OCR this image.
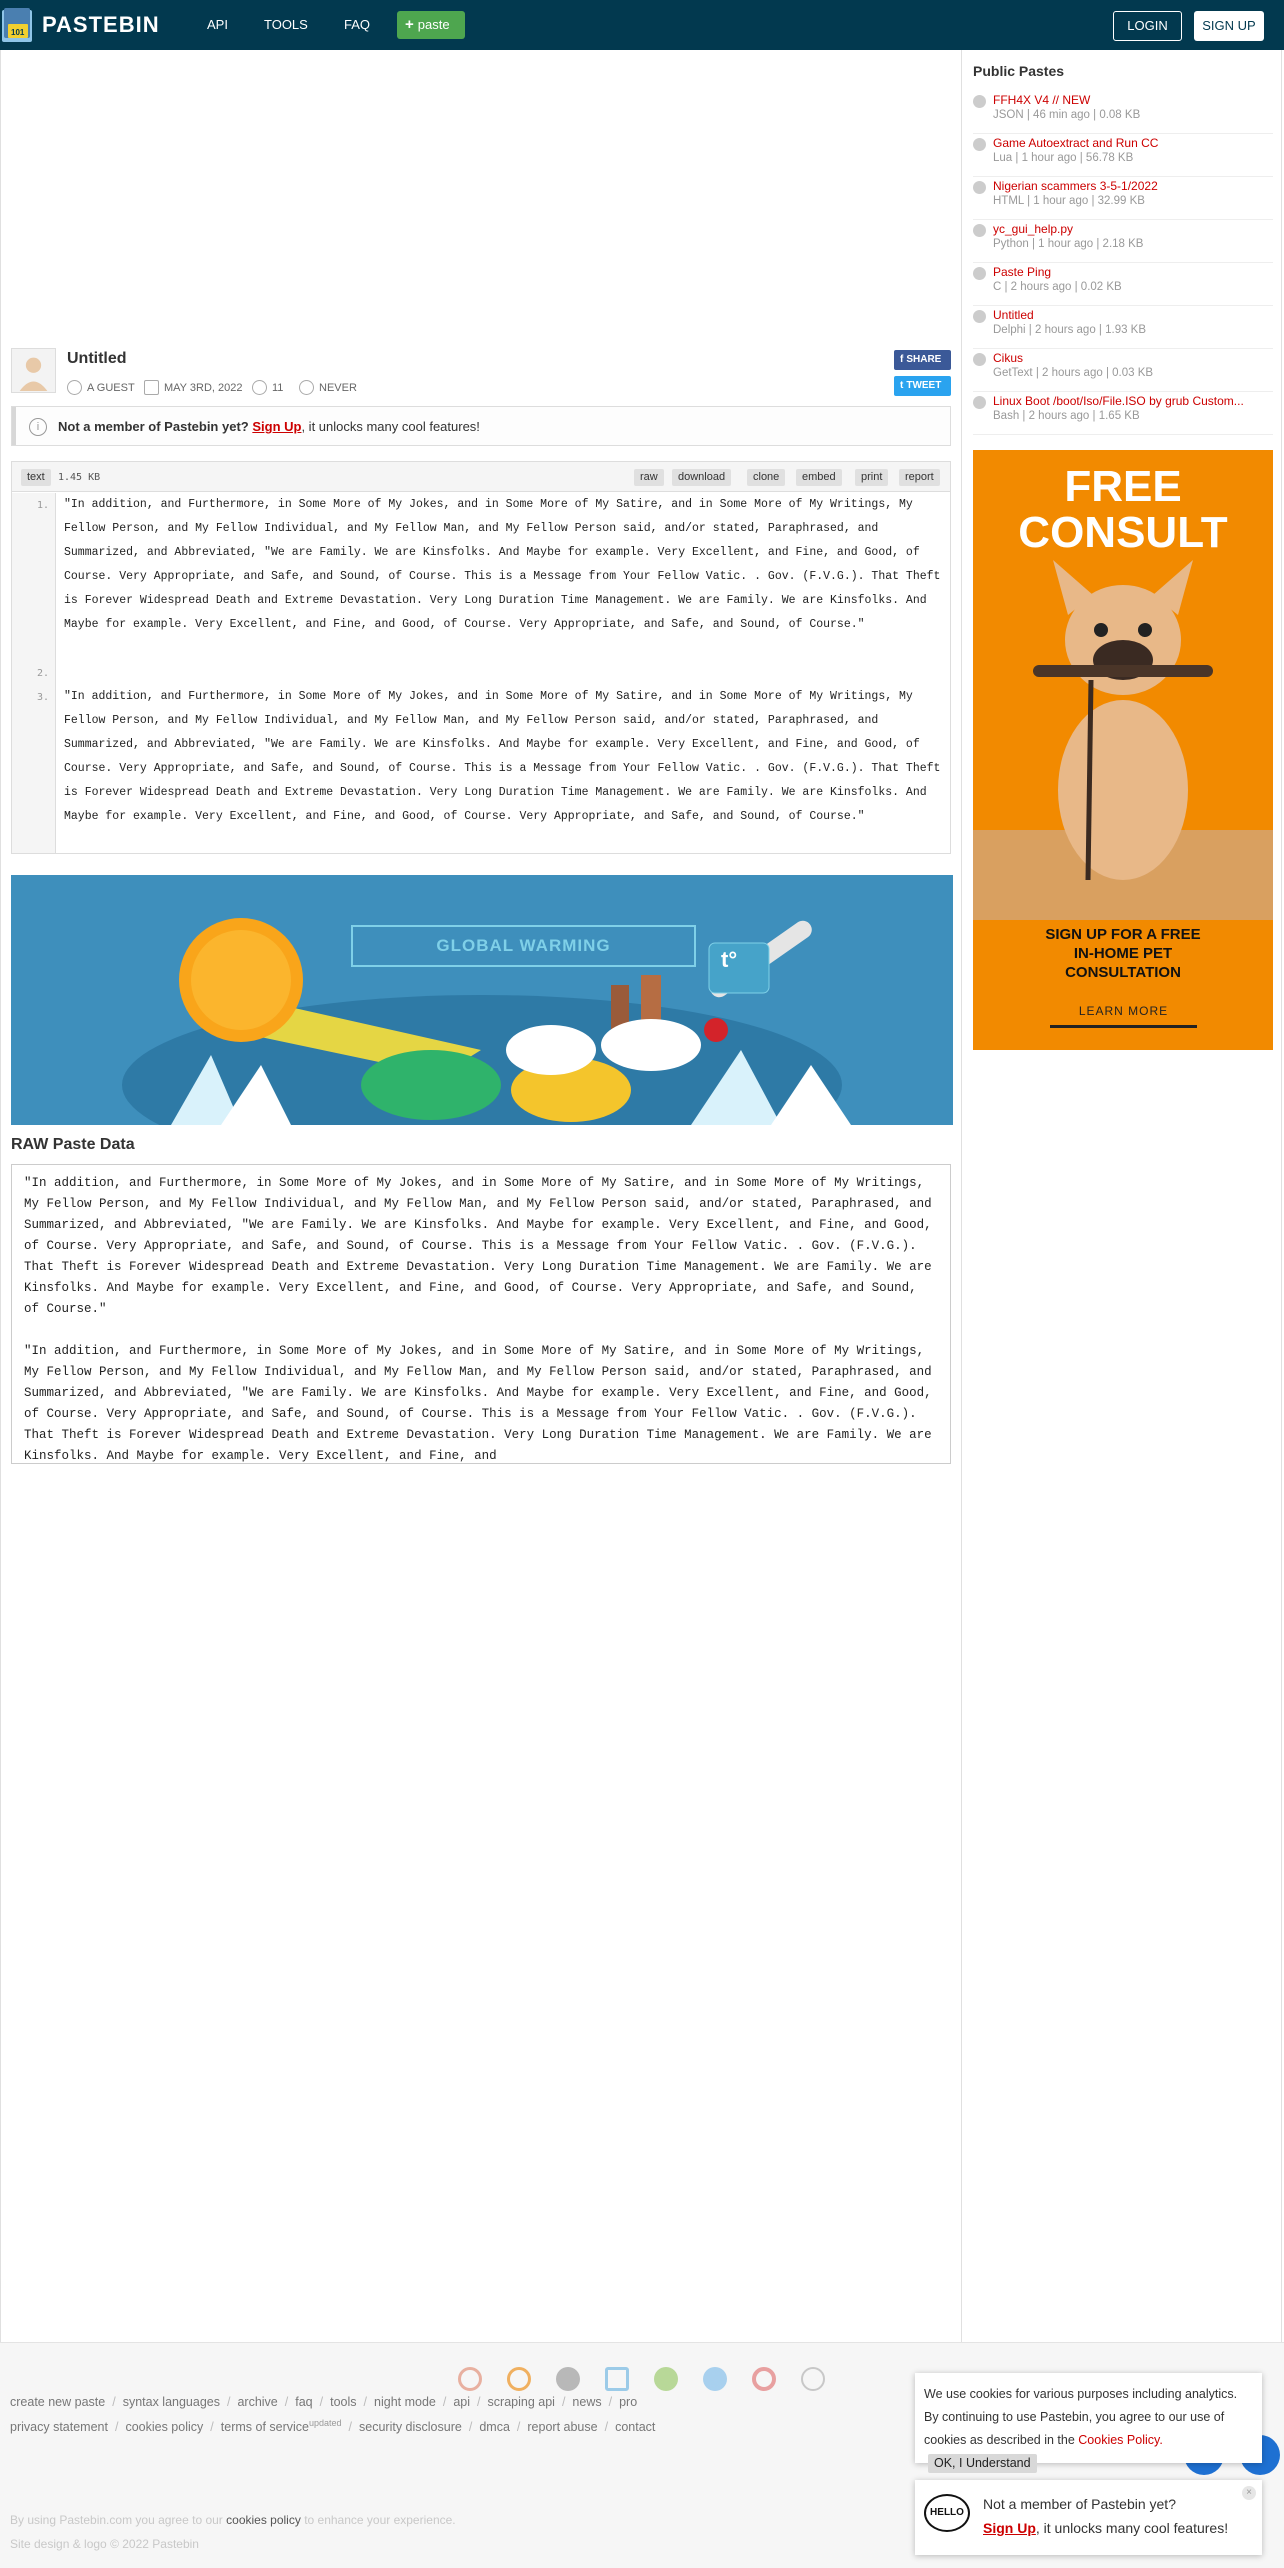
101 PASTEBIN	API	TOOLS	FAQ	+ paste	LOGIN	SIGN UP
Untitled
A GUEST	MAY 3RD, 2022	11	NEVER
f SHARE
t TWEET
i	Not a member of Pastebin yet? Sign Up, it unlocks many cool features!
text	1.45 KB	raw	download	clone	embed	print	report
1.
2.
3.
"In addition, and Furthermore, in Some More of My Jokes, and in Some More of My Satire, and in Some More of My Writings, My Fellow Person, and My Fellow Individual, and My Fellow Man, and My Fellow Person said, and/or stated, Paraphrased, and Summarized, and Abbreviated, "We are Family. We are Kinsfolks. And Maybe for example. Very Excellent, and Fine, and Good, of Course. Very Appropriate, and Safe, and Sound, of Course. This is a Message from Your Fellow Vatic. . Gov. (F.V.G.). That Theft is Forever Widespread Death and Extreme Devastation. Very Long Duration Time Management. We are Family. We are Kinsfolks. And Maybe for example. Very Excellent, and Fine, and Good, of Course. Very Appropriate, and Safe, and Sound, of Course."
"In addition, and Furthermore, in Some More of My Jokes, and in Some More of My Satire, and in Some More of My Writings, My Fellow Person, and My Fellow Individual, and My Fellow Man, and My Fellow Person said, and/or stated, Paraphrased, and Summarized, and Abbreviated, "We are Family. We are Kinsfolks. And Maybe for example. Very Excellent, and Fine, and Good, of Course. Very Appropriate, and Safe, and Sound, of Course. This is a Message from Your Fellow Vatic. . Gov. (F.V.G.). That Theft is Forever Widespread Death and Extreme Devastation. Very Long Duration Time Management. We are Family. We are Kinsfolks. And Maybe for example. Very Excellent, and Fine, and Good, of Course. Very Appropriate, and Safe, and Sound, of Course."
GLOBAL WARMING
t°
RAW Paste Data
"In addition, and Furthermore, in Some More of My Jokes, and in Some More of My Satire, and in Some More of My Writings, My Fellow Person, and My Fellow Individual, and My Fellow Man, and My Fellow Person said, and/or stated, Paraphrased, and Summarized, and Abbreviated, "We are Family. We are Kinsfolks. And Maybe for example. Very Excellent, and Fine, and Good, of Course. Very Appropriate, and Safe, and Sound, of Course. This is a Message from Your Fellow Vatic. . Gov. (F.V.G.). That Theft is Forever Widespread Death and Extreme Devastation. Very Long Duration Time Management. We are Family. We are Kinsfolks. And Maybe for example. Very Excellent, and Fine, and Good, of Course. Very Appropriate, and Safe, and Sound, of Course."
"In addition, and Furthermore, in Some More of My Jokes, and in Some More of My Satire, and in Some More of My Writings, My Fellow Person, and My Fellow Individual, and My Fellow Man, and My Fellow Person said, and/or stated, Paraphrased, and Summarized, and Abbreviated, "We are Family. We are Kinsfolks. And Maybe for example. Very Excellent, and Fine, and Good, of Course. Very Appropriate, and Safe, and Sound, of Course. This is a Message from Your Fellow Vatic. . Gov. (F.V.G.). That Theft is Forever Widespread Death and Extreme Devastation. Very Long Duration Time Management. We are Family. We are Kinsfolks. And Maybe for example. Very Excellent, and Fine, and
Public Pastes
FFH4X V4 // NEW
JSON | 46 min ago | 0.08 KB
Game Autoextract and Run CC
Lua | 1 hour ago | 56.78 KB
Nigerian scammers 3-5-1/2022
HTML | 1 hour ago | 32.99 KB
yc_gui_help.py
Python | 1 hour ago | 2.18 KB
Paste Ping
C | 2 hours ago | 0.02 KB
Untitled
Delphi | 2 hours ago | 1.93 KB
Cikus
GetText | 2 hours ago | 0.03 KB
Linux Boot /boot/Iso/File.ISO by grub Custom...
Bash | 2 hours ago | 1.65 KB
FREE
CONSULT
SIGN UP FOR A FREE
IN-HOME PET
CONSULTATION
LEARN MORE
create new paste / syntax languages / archive / faq / tools / night mode / api / scraping api / news / pro
privacy statement / cookies policy / terms of service$^{updated}$ / security disclosure / dmca / report abuse / contact
By using Pastebin.com you agree to our cookies policy to enhance your experience.
Site design & logo © 2022 Pastebin
We use cookies for various purposes including analytics. By continuing to use Pastebin, you agree to our use of cookies as described in the Cookies Policy.OK, I Understand
HELLO
×
Not a member of Pastebin yet?
Sign Up, it unlocks many cool features!
